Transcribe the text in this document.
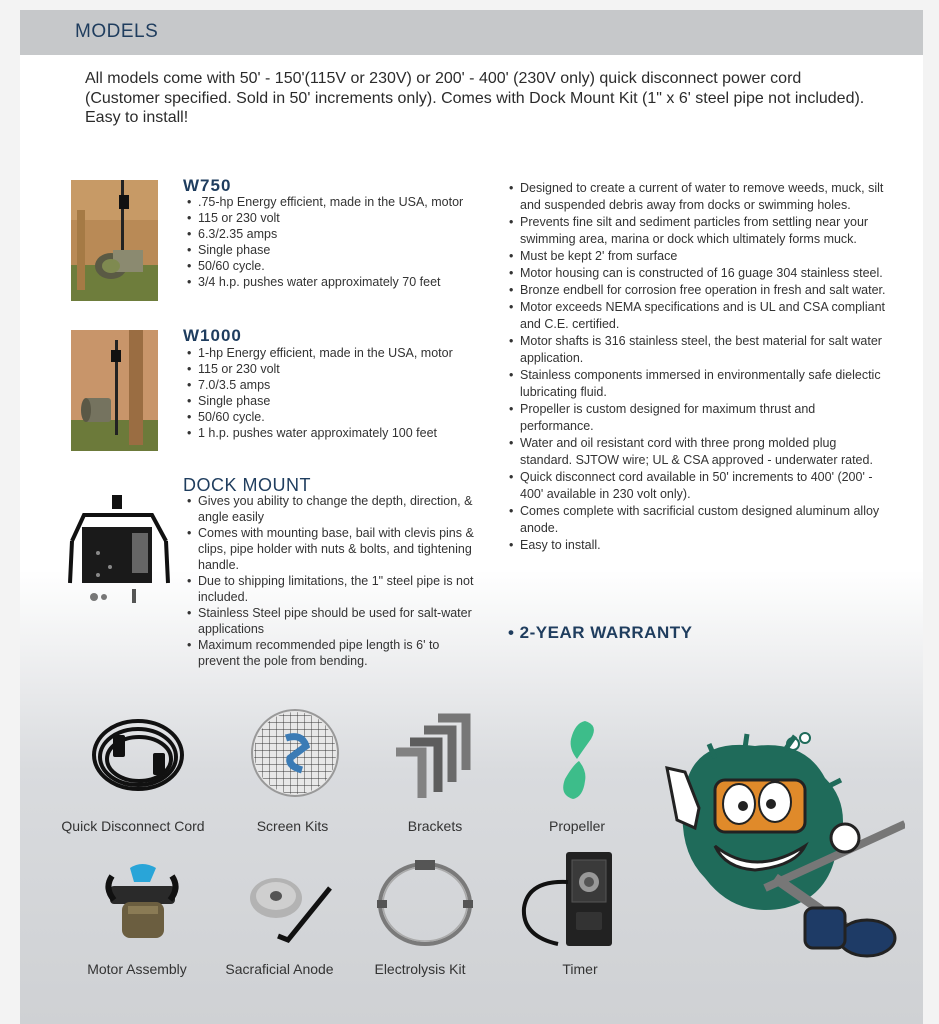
MODELS
All models come with 50' - 150'(115V or 230V) or 200' - 400' (230V only) quick disconnect power cord (Customer specified. Sold in 50' increments only). Comes with Dock Mount Kit (1" x 6' steel pipe not included). Easy to install!
W750
• .75-hp Energy efficient, made in the USA, motor
• 115 or 230 volt
• 6.3/2.35 amps
• Single phase
• 50/60 cycle.
• 3/4 h.p. pushes water approximately 70 feet
W1000
• 1-hp Energy efficient, made in the USA, motor
• 115 or 230 volt
• 7.0/3.5 amps
• Single phase
• 50/60 cycle.
• 1 h.p. pushes water approximately 100 feet
DOCK MOUNT
• Gives you ability to change the depth, direction, & angle easily
• Comes with mounting base, bail with clevis pins & clips, pipe holder with nuts & bolts, and tightening handle.
• Due to shipping limitations, the 1" steel pipe is not included.
• Stainless Steel pipe should be used for salt-water applications
• Maximum recommended pipe length is 6' to prevent the pole from bending.
• Designed to create a current of water to remove weeds, muck, silt and suspended debris away from docks or swimming holes.
• Prevents fine silt and sediment particles from settling near your swimming area, marina or dock which ultimately forms muck.
• Must be kept 2' from surface
• Motor housing can is constructed of 16 guage 304 stainless steel.
• Bronze endbell for corrosion free operation in fresh and salt water.
• Motor exceeds NEMA specifications and is UL and CSA compliant and C.E. certified.
• Motor shafts is 316 stainless steel, the best material for salt water application.
• Stainless components immersed in environmentally safe dielectic lubricating fluid.
• Propeller is custom designed for maximum thrust and performance.
• Water and oil resistant cord with three prong molded plug standard. SJTOW wire; UL & CSA approved - underwater rated.
• Quick disconnect cord available in 50' increments to 400' (200' - 400' available in 230 volt only).
• Comes complete with sacrificial custom designed aluminum alloy anode.
• Easy to install.
• 2-YEAR WARRANTY
Quick Disconnect Cord	Screen Kits	Brackets	Propeller
Motor Assembly	Sacraficial Anode	Electrolysis Kit	Timer
